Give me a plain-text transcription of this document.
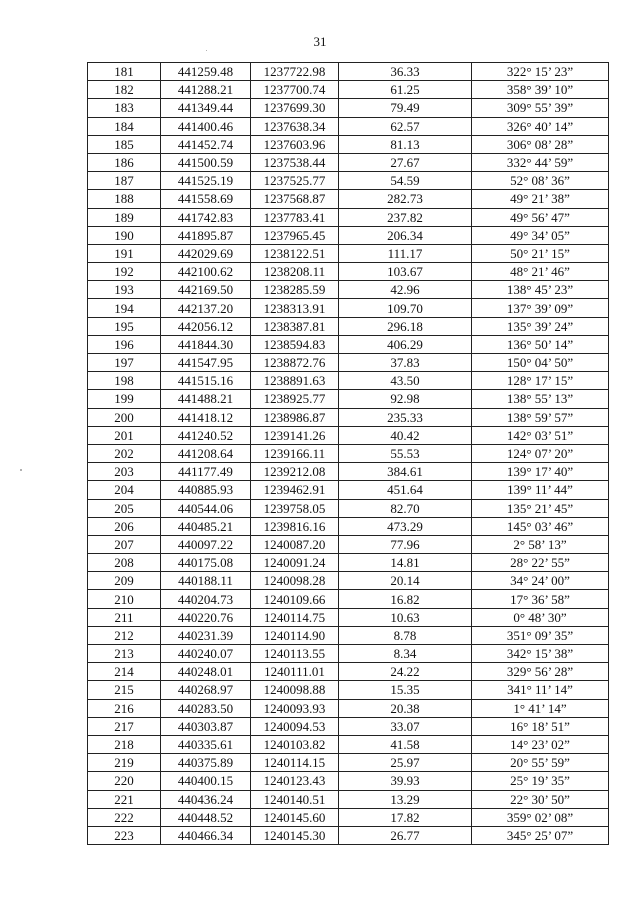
31
181	441259.48	1237722.98	36.33	322° 15’ 23”
182	441288.21	1237700.74	61.25	358° 39’ 10”
183	441349.44	1237699.30	79.49	309° 55’ 39”
184	441400.46	1237638.34	62.57	326° 40’ 14”
185	441452.74	1237603.96	81.13	306° 08’ 28”
186	441500.59	1237538.44	27.67	332° 44’ 59”
187	441525.19	1237525.77	54.59	52° 08’ 36”
188	441558.69	1237568.87	282.73	49° 21’ 38”
189	441742.83	1237783.41	237.82	49° 56’ 47”
190	441895.87	1237965.45	206.34	49° 34’ 05”
191	442029.69	1238122.51	111.17	50° 21’ 15”
192	442100.62	1238208.11	103.67	48° 21’ 46”
193	442169.50	1238285.59	42.96	138° 45’ 23”
194	442137.20	1238313.91	109.70	137° 39’ 09”
195	442056.12	1238387.81	296.18	135° 39’ 24”
196	441844.30	1238594.83	406.29	136° 50’ 14”
197	441547.95	1238872.76	37.83	150° 04’ 50”
198	441515.16	1238891.63	43.50	128° 17’ 15”
199	441488.21	1238925.77	92.98	138° 55’ 13”
200	441418.12	1238986.87	235.33	138° 59’ 57”
201	441240.52	1239141.26	40.42	142° 03’ 51”
202	441208.64	1239166.11	55.53	124° 07’ 20”
203	441177.49	1239212.08	384.61	139° 17’ 40”
204	440885.93	1239462.91	451.64	139° 11’ 44”
205	440544.06	1239758.05	82.70	135° 21’ 45”
206	440485.21	1239816.16	473.29	145° 03’ 46”
207	440097.22	1240087.20	77.96	2° 58’ 13”
208	440175.08	1240091.24	14.81	28° 22’ 55”
209	440188.11	1240098.28	20.14	34° 24’ 00”
210	440204.73	1240109.66	16.82	17° 36’ 58”
211	440220.76	1240114.75	10.63	0° 48’ 30”
212	440231.39	1240114.90	8.78	351° 09’ 35”
213	440240.07	1240113.55	8.34	342° 15’ 38”
214	440248.01	1240111.01	24.22	329° 56’ 28”
215	440268.97	1240098.88	15.35	341° 11’ 14”
216	440283.50	1240093.93	20.38	1° 41’ 14”
217	440303.87	1240094.53	33.07	16° 18’ 51”
218	440335.61	1240103.82	41.58	14° 23’ 02”
219	440375.89	1240114.15	25.97	20° 55’ 59”
220	440400.15	1240123.43	39.93	25° 19’ 35”
221	440436.24	1240140.51	13.29	22° 30’ 50”
222	440448.52	1240145.60	17.82	359° 02’ 08”
223	440466.34	1240145.30	26.77	345° 25’ 07”
